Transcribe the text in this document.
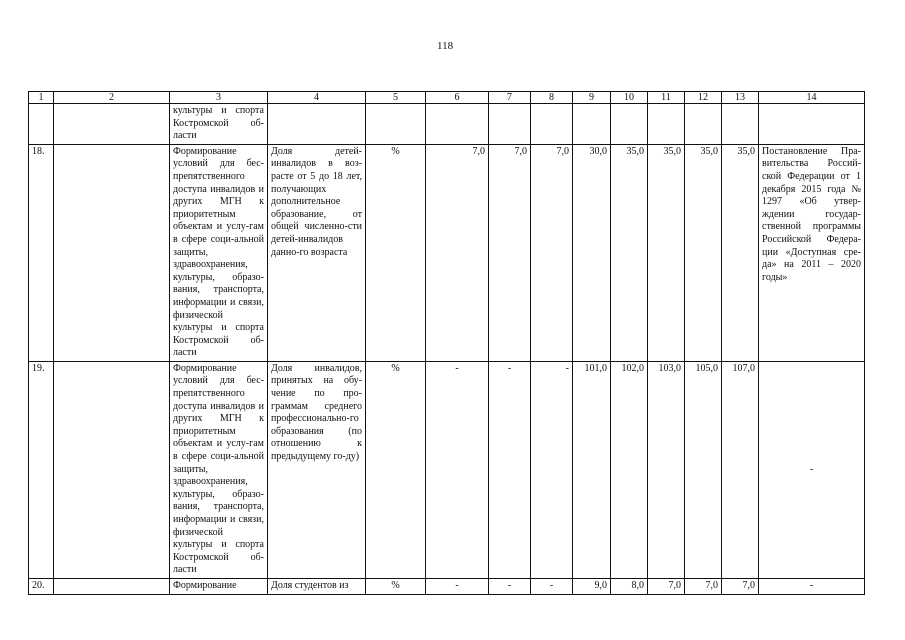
118
1	2	3	4	5	6	7	8	9	10	11	12	13	14
		культуры и спорта Костромской об-ласти											
18.		Формирование условий для бес-препятственного доступа инвалидов и других МГН к приоритетным объектам и услу-гам в сфере соци-альной защиты, здравоохранения, культуры, образо-вания, транспорта, информации и связи, физической культуры и спорта Костромской об-ласти	Доля детей-инвалидов в воз-расте от 5 до 18 лет, получающих дополнительное образование, от общей численно-сти детей-инвалидов данно-го возраста	%	7,0	7,0	7,0	30,0	35,0	35,0	35,0	35,0	Постановление Пра-вительства Россий-ской Федерации от 1 декабря 2015 года № 1297 «Об утвер-ждении государ-ственной программы Российской Федера-ции «Доступная сре-да» на 2011 – 2020 годы»
19.		Формирование условий для бес-препятственного доступа инвалидов и других МГН к приоритетным объектам и услу-гам в сфере соци-альной защиты, здравоохранения, культуры, образо-вания, транспорта, информации и связи, физической культуры и спорта Костромской об-ласти	Доля инвалидов, принятых на обу-чение по про-граммам среднего профессионально-го образования (по отношению к предыдущему го-ду)	%	-	-	-	101,0	102,0	103,0	105,0	107,0	-
20.		Формирование	Доля студентов из	%	-	-	-	9,0	8,0	7,0	7,0	7,0	-
